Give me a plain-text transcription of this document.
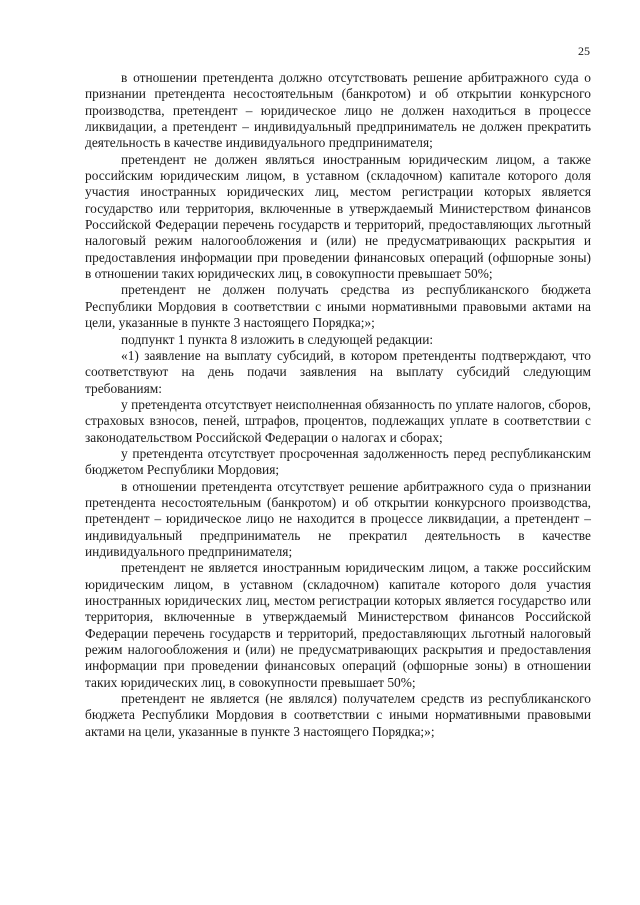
25

в отношении претендента должно отсутствовать решение арбитражного суда о признании претендента несостоятельным (банкротом) и об открытии конкурсного производства, претендент – юридическое лицо не должен находиться в процессе ликвидации, а претендент – индивидуальный предприниматель не должен прекратить деятельность в качестве индивидуального предпринимателя;

претендент не должен являться иностранным юридическим лицом, а также российским юридическим лицом, в уставном (складочном) капитале которого доля участия иностранных юридических лиц, местом регистрации которых является государство или территория, включенные в утверждаемый Министерством финансов Российской Федерации перечень государств и территорий, предоставляющих льготный налоговый режим налогообложения и (или) не предусматривающих раскрытия и предоставления информации при проведении финансовых операций (офшорные зоны) в отношении таких юридических лиц, в совокупности превышает 50%;

претендент не должен получать средства из республиканского бюджета Республики Мордовия в соответствии с иными нормативными правовыми актами на цели, указанные в пункте 3 настоящего Порядка;»;

подпункт 1 пункта 8 изложить в следующей редакции:

«1) заявление на выплату субсидий, в котором претенденты подтверждают, что соответствуют на день подачи заявления на выплату субсидий следующим требованиям:

у претендента отсутствует неисполненная обязанность по уплате налогов, сборов, страховых взносов, пеней, штрафов, процентов, подлежащих уплате в соответствии с законодательством Российской Федерации о налогах и сборах;

у претендента отсутствует просроченная задолженность перед республиканским бюджетом Республики Мордовия;

в отношении претендента отсутствует решение арбитражного суда о признании претендента несостоятельным (банкротом) и об открытии конкурсного производства, претендент – юридическое лицо не находится в процессе ликвидации, а претендент – индивидуальный предприниматель не прекратил деятельность в качестве индивидуального предпринимателя;

претендент не является иностранным юридическим лицом, а также российским юридическим лицом, в уставном (складочном) капитале которого доля участия иностранных юридических лиц, местом регистрации которых является государство или территория, включенные в утверждаемый Министерством финансов Российской Федерации перечень государств и территорий, предоставляющих льготный налоговый режим налогообложения и (или) не предусматривающих раскрытия и предоставления информации при проведении финансовых операций (офшорные зоны) в отношении таких юридических лиц, в совокупности превышает 50%;

претендент не является (не являлся) получателем средств из республиканского бюджета Республики Мордовия в соответствии с иными нормативными правовыми актами на цели, указанные в пункте 3 настоящего Порядка;»;
